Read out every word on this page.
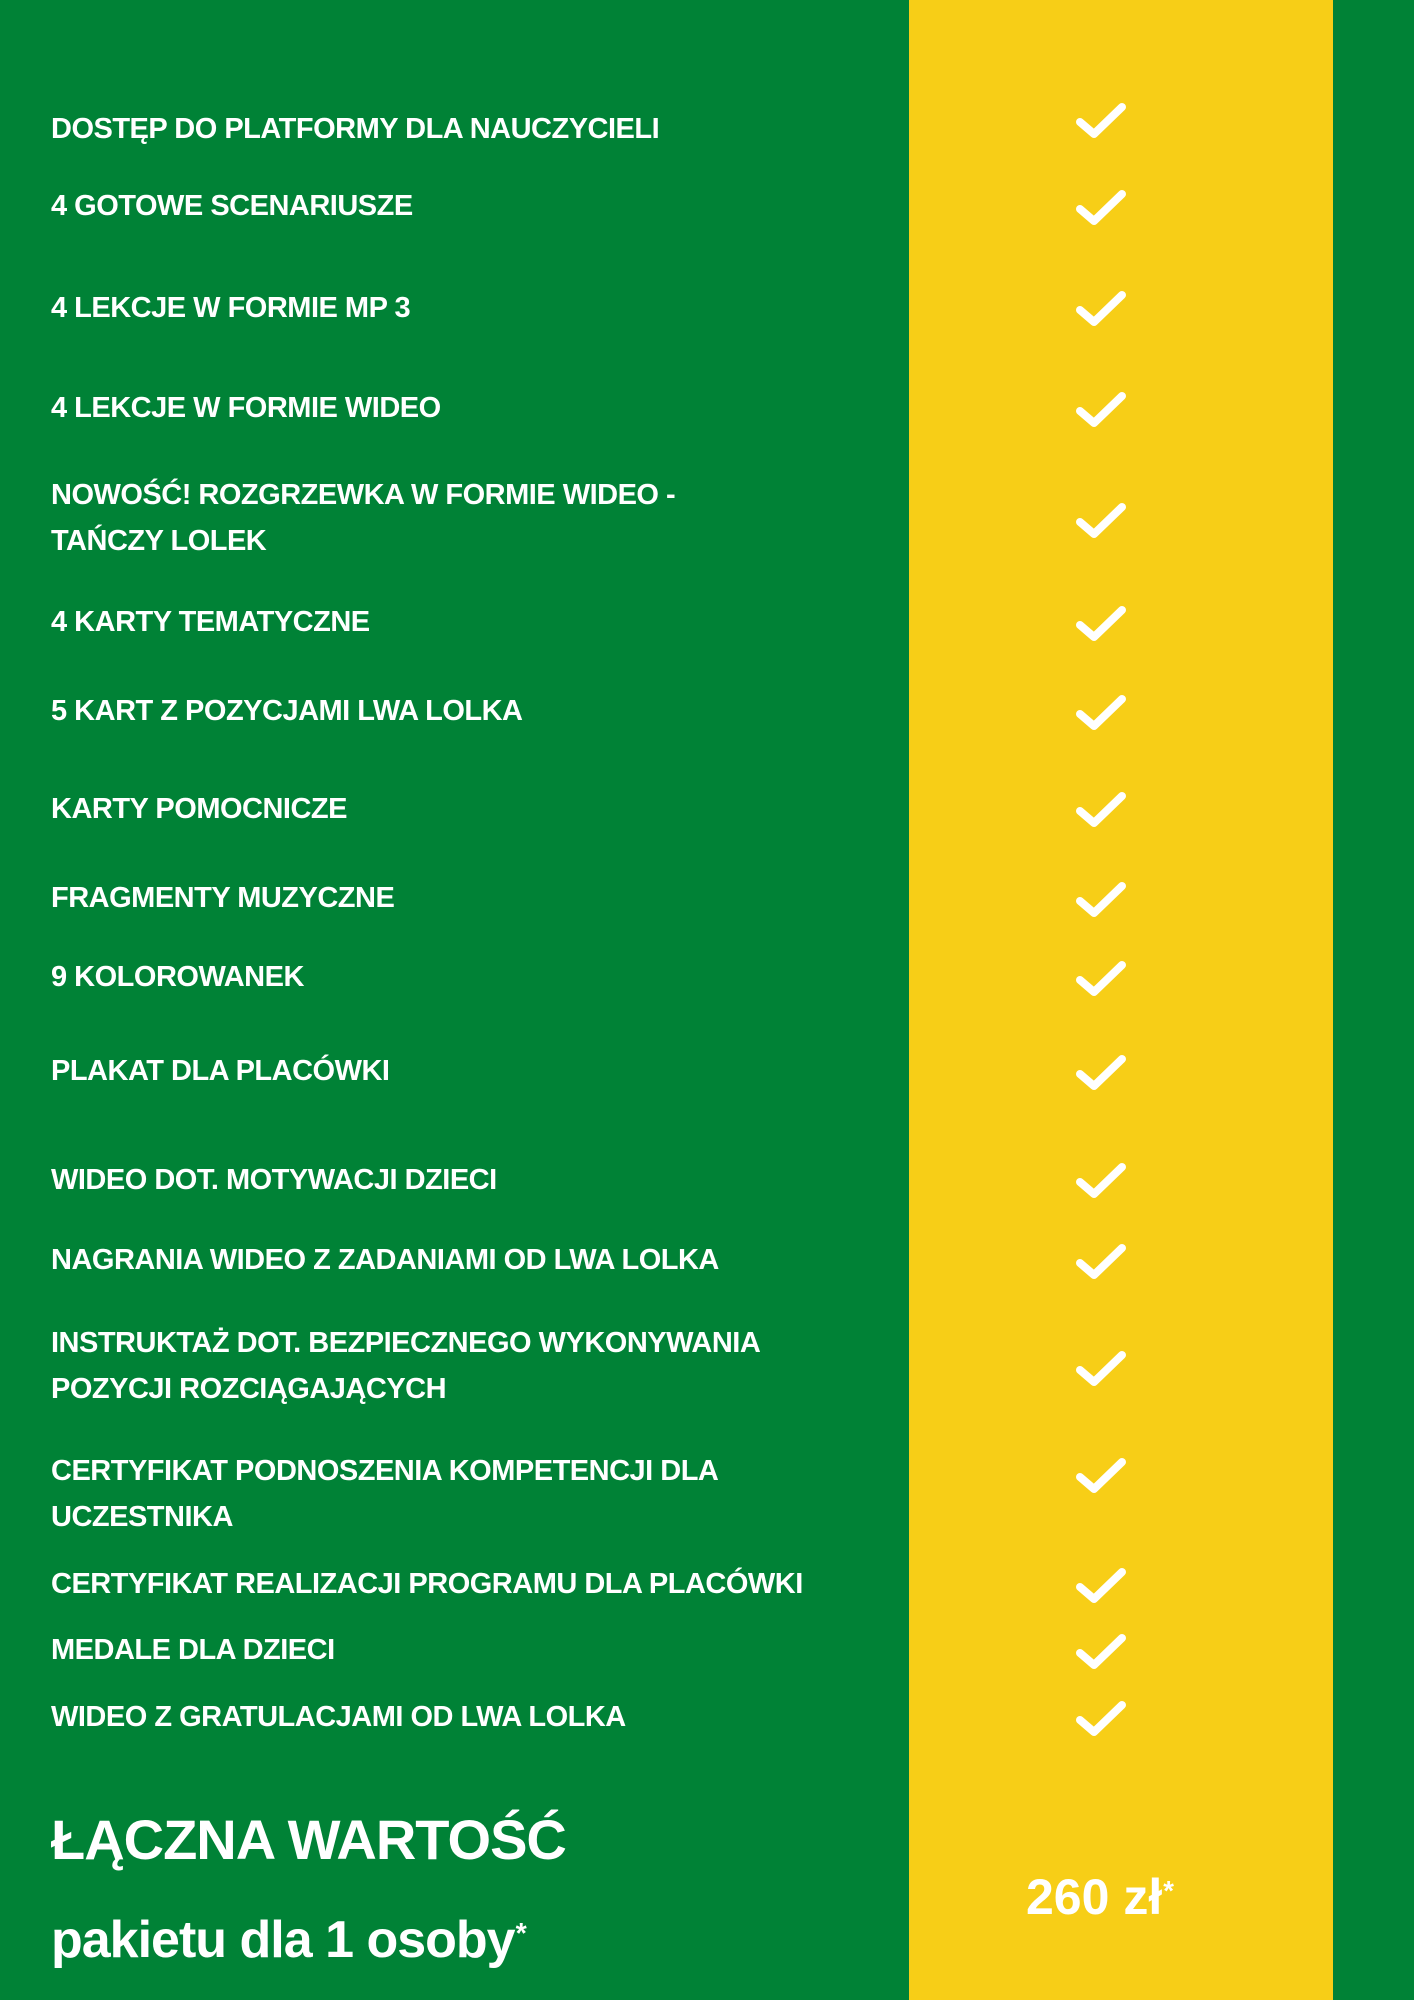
DOSTĘP DO PLATFORMY DLA NAUCZYCIELI
4 GOTOWE SCENARIUSZE
4 LEKCJE W FORMIE MP 3
4 LEKCJE W FORMIE WIDEO
NOWOŚĆ! ROZGRZEWKA W FORMIE WIDEO -
TAŃCZY LOLEK
4 KARTY TEMATYCZNE
5 KART Z POZYCJAMI LWA LOLKA
KARTY POMOCNICZE
FRAGMENTY MUZYCZNE
9 KOLOROWANEK
PLAKAT DLA PLACÓWKI
WIDEO DOT. MOTYWACJI DZIECI
NAGRANIA WIDEO Z ZADANIAMI OD LWA LOLKA
INSTRUKTAŻ DOT. BEZPIECZNEGO WYKONYWANIA
POZYCJI ROZCIĄGAJĄCYCH
CERTYFIKAT PODNOSZENIA KOMPETENCJI DLA
UCZESTNIKA
CERTYFIKAT REALIZACJI PROGRAMU DLA PLACÓWKI
MEDALE DLA DZIECI
WIDEO Z GRATULACJAMI OD LWA LOLKA
ŁĄCZNA WARTOŚĆ
pakietu dla 1 osoby*
260 zł*
